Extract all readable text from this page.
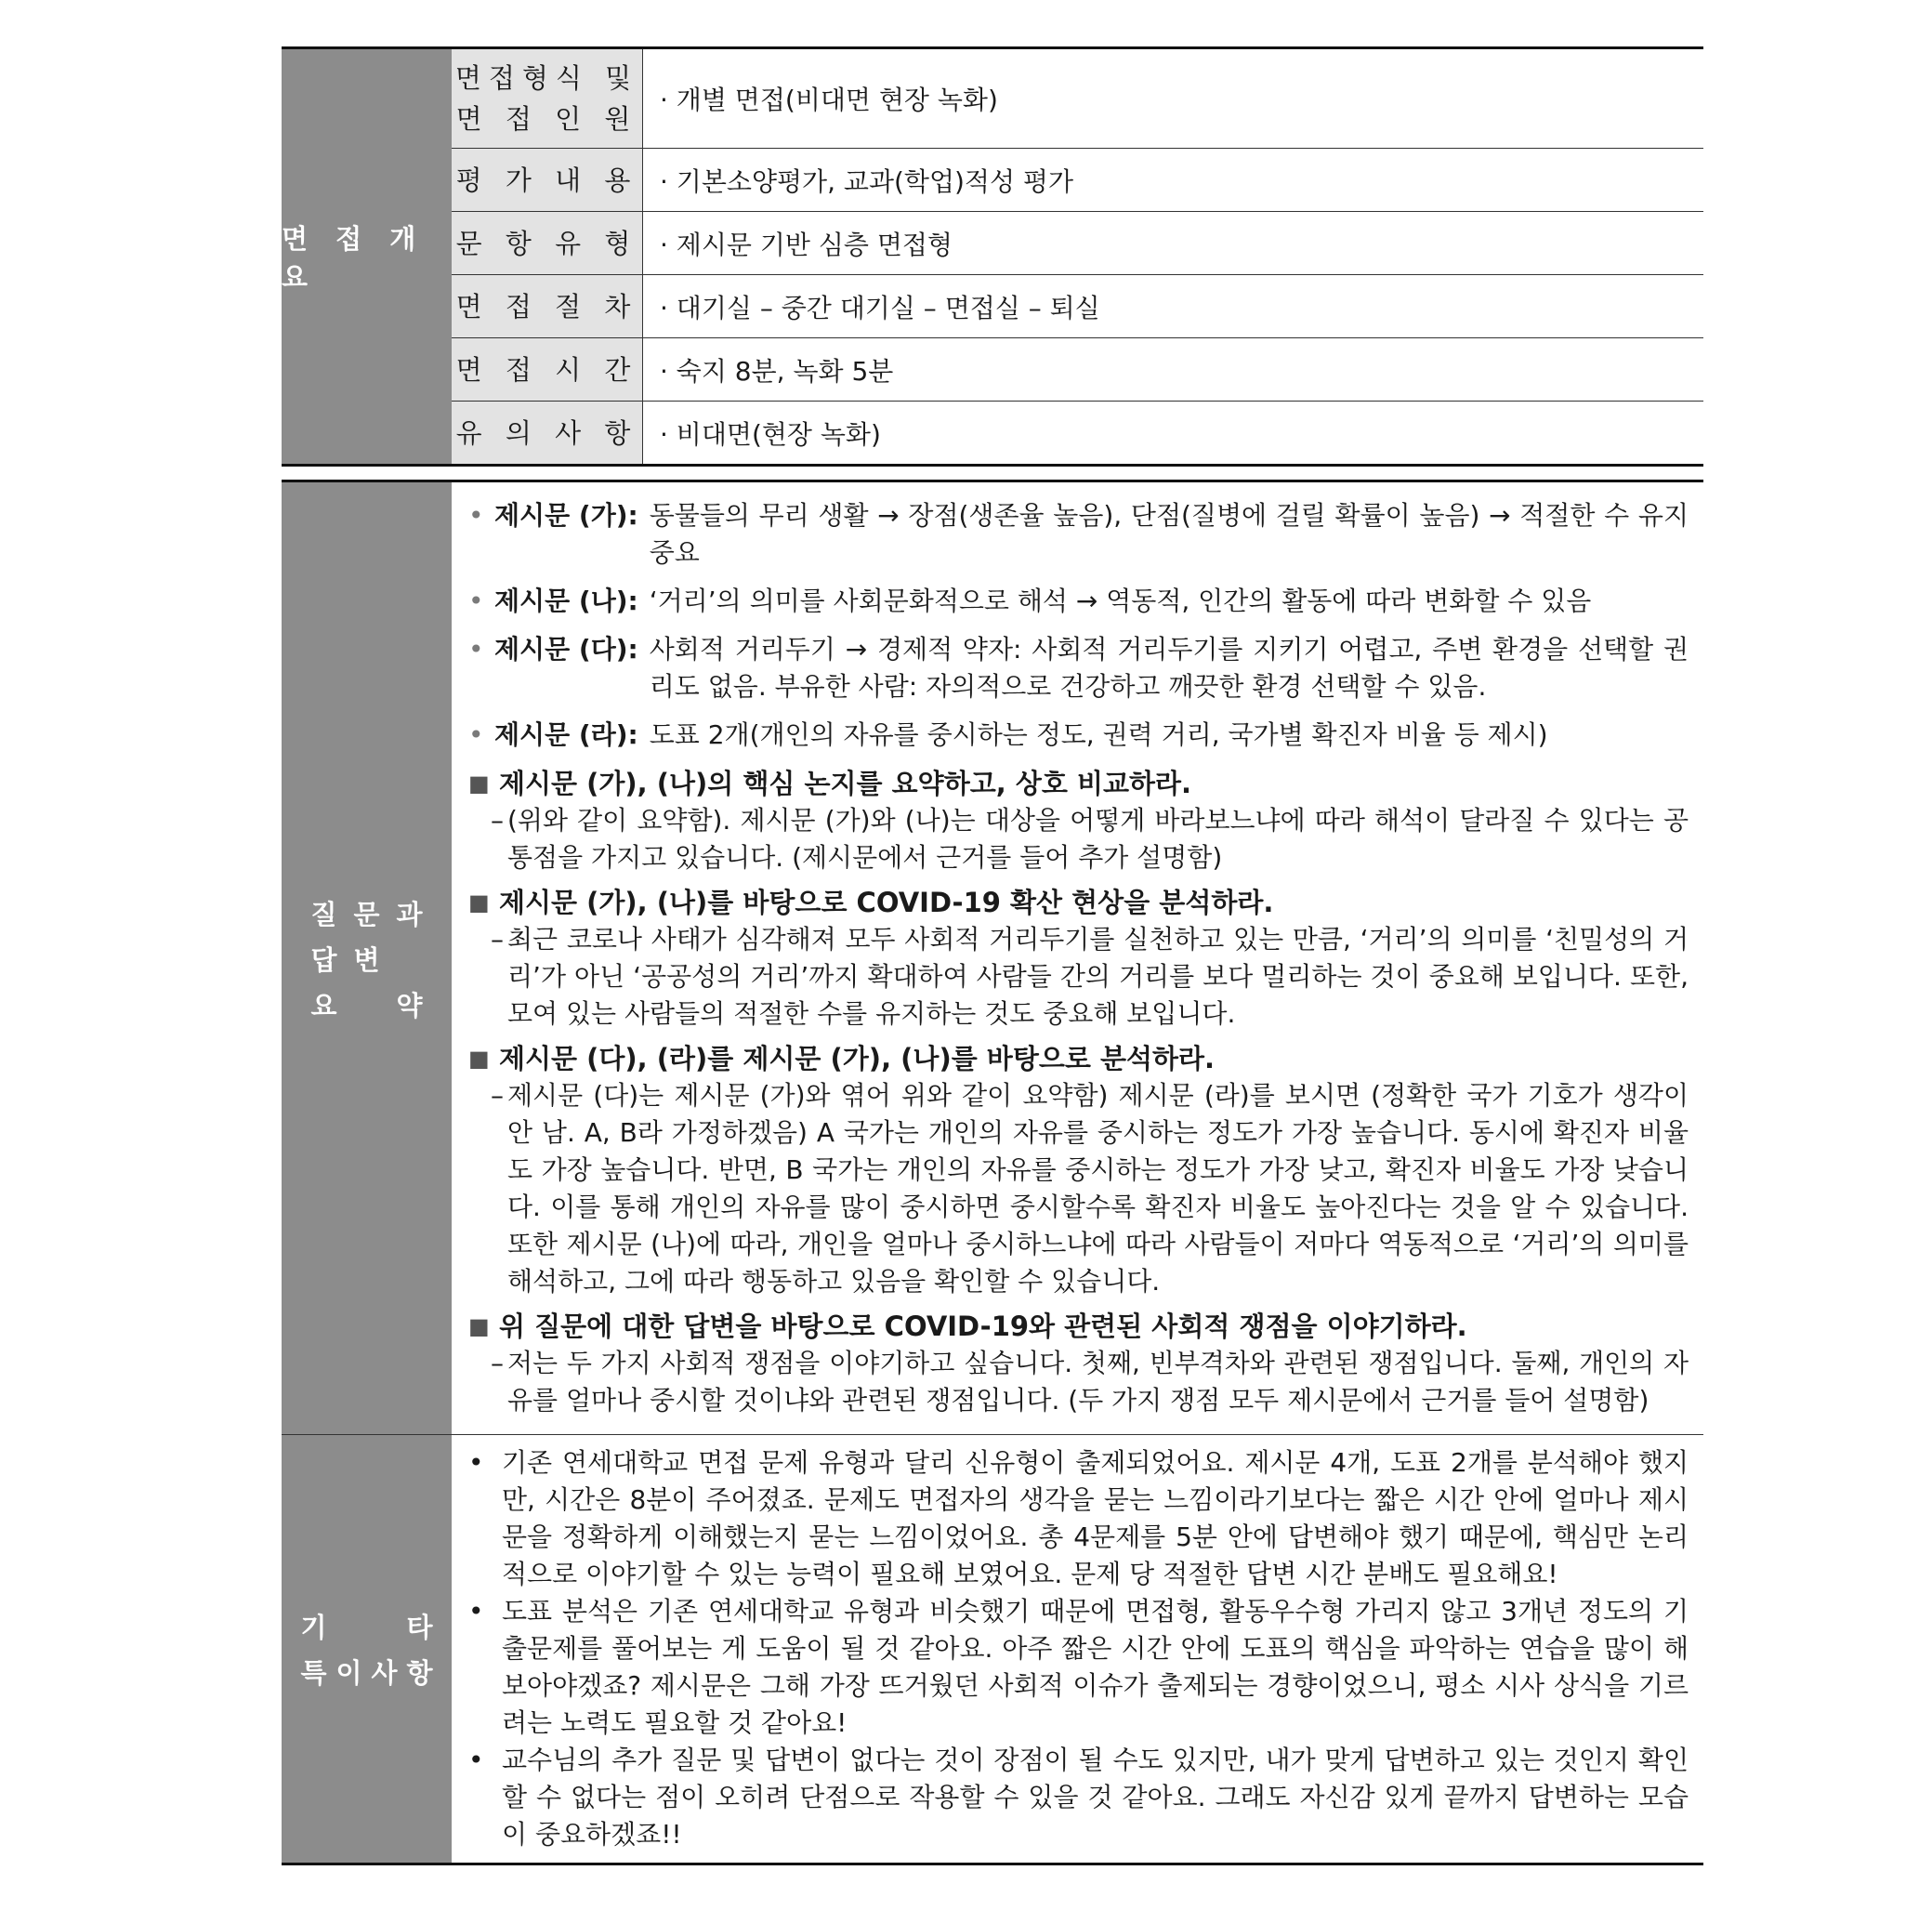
면 접 개 요
면접형식 및
면 접 인 원
· 개별 면접(비대면 현장 녹화)
평 가 내 용 · 기본소양평가, 교과(학업)적성 평가
문 항 유 형 · 제시문 기반 심층 면접형
면 접 절 차 · 대기실 – 중간 대기실 – 면접실 – 퇴실
면 접 시 간 · 숙지 8분, 녹화 5분
유 의 사 항 · 비대면(현장 녹화)
질 문 과
답 변
요	약
• 제시문 (가): 동물들의 무리 생활 → 장점(생존율 높음), 단점(질병에 걸릴 확률이 높음) → 적절한 수 유지 중요
• 제시문 (나): ‘거리’의 의미를 사회문화적으로 해석 → 역동적, 인간의 활동에 따라 변화할 수 있음
• 제시문 (다): 사회적 거리두기 → 경제적 약자: 사회적 거리두기를 지키기 어렵고, 주변 환경을 선택할 권리도 없음. 부유한 사람: 자의적으로 건강하고 깨끗한 환경 선택할 수 있음.
• 제시문 (라): 도표 2개(개인의 자유를 중시하는 정도, 권력 거리, 국가별 확진자 비율 등 제시)
■ 제시문 (가), (나)의 핵심 논지를 요약하고, 상호 비교하라.
– (위와 같이 요약함). 제시문 (가)와 (나)는 대상을 어떻게 바라보느냐에 따라 해석이 달라질 수 있다는 공통점을 가지고 있습니다. (제시문에서 근거를 들어 추가 설명함)
■ 제시문 (가), (나)를 바탕으로 COVID-19 확산 현상을 분석하라.
– 최근 코로나 사태가 심각해져 모두 사회적 거리두기를 실천하고 있는 만큼, ‘거리’의 의미를 ‘친밀성의 거리’가 아닌 ‘공공성의 거리’까지 확대하여 사람들 간의 거리를 보다 멀리하는 것이 중요해 보입니다. 또한, 모여 있는 사람들의 적절한 수를 유지하는 것도 중요해 보입니다.
■ 제시문 (다), (라)를 제시문 (가), (나)를 바탕으로 분석하라.
– 제시문 (다)는 제시문 (가)와 엮어 위와 같이 요약함) 제시문 (라)를 보시면 (정확한 국가 기호가 생각이 안 남. A, B라 가정하겠음) A 국가는 개인의 자유를 중시하는 정도가 가장 높습니다. 동시에 확진자 비율도 가장 높습니다. 반면, B 국가는 개인의 자유를 중시하는 정도가 가장 낮고, 확진자 비율도 가장 낮습니다. 이를 통해 개인의 자유를 많이 중시하면 중시할수록 확진자 비율도 높아진다는 것을 알 수 있습니다. 또한 제시문 (나)에 따라, 개인을 얼마나 중시하느냐에 따라 사람들이 저마다 역동적으로 ‘거리’의 의미를 해석하고, 그에 따라 행동하고 있음을 확인할 수 있습니다.
■ 위 질문에 대한 답변을 바탕으로 COVID-19와 관련된 사회적 쟁점을 이야기하라.
– 저는 두 가지 사회적 쟁점을 이야기하고 싶습니다. 첫째, 빈부격차와 관련된 쟁점입니다. 둘째, 개인의 자유를 얼마나 중시할 것이냐와 관련된 쟁점입니다. (두 가지 쟁점 모두 제시문에서 근거를 들어 설명함)
기	타
특 이 사 항
• 기존 연세대학교 면접 문제 유형과 달리 신유형이 출제되었어요. 제시문 4개, 도표 2개를 분석해야 했지만, 시간은 8분이 주어졌죠. 문제도 면접자의 생각을 묻는 느낌이라기보다는 짧은 시간 안에 얼마나 제시문을 정확하게 이해했는지 묻는 느낌이었어요. 총 4문제를 5분 안에 답변해야 했기 때문에, 핵심만 논리적으로 이야기할 수 있는 능력이 필요해 보였어요. 문제 당 적절한 답변 시간 분배도 필요해요!
• 도표 분석은 기존 연세대학교 유형과 비슷했기 때문에 면접형, 활동우수형 가리지 않고 3개년 정도의 기출문제를 풀어보는 게 도움이 될 것 같아요. 아주 짧은 시간 안에 도표의 핵심을 파악하는 연습을 많이 해보아야겠죠? 제시문은 그해 가장 뜨거웠던 사회적 이슈가 출제되는 경향이었으니, 평소 시사 상식을 기르려는 노력도 필요할 것 같아요!
• 교수님의 추가 질문 및 답변이 없다는 것이 장점이 될 수도 있지만, 내가 맞게 답변하고 있는 것인지 확인할 수 없다는 점이 오히려 단점으로 작용할 수 있을 것 같아요. 그래도 자신감 있게 끝까지 답변하는 모습이 중요하겠죠!!
